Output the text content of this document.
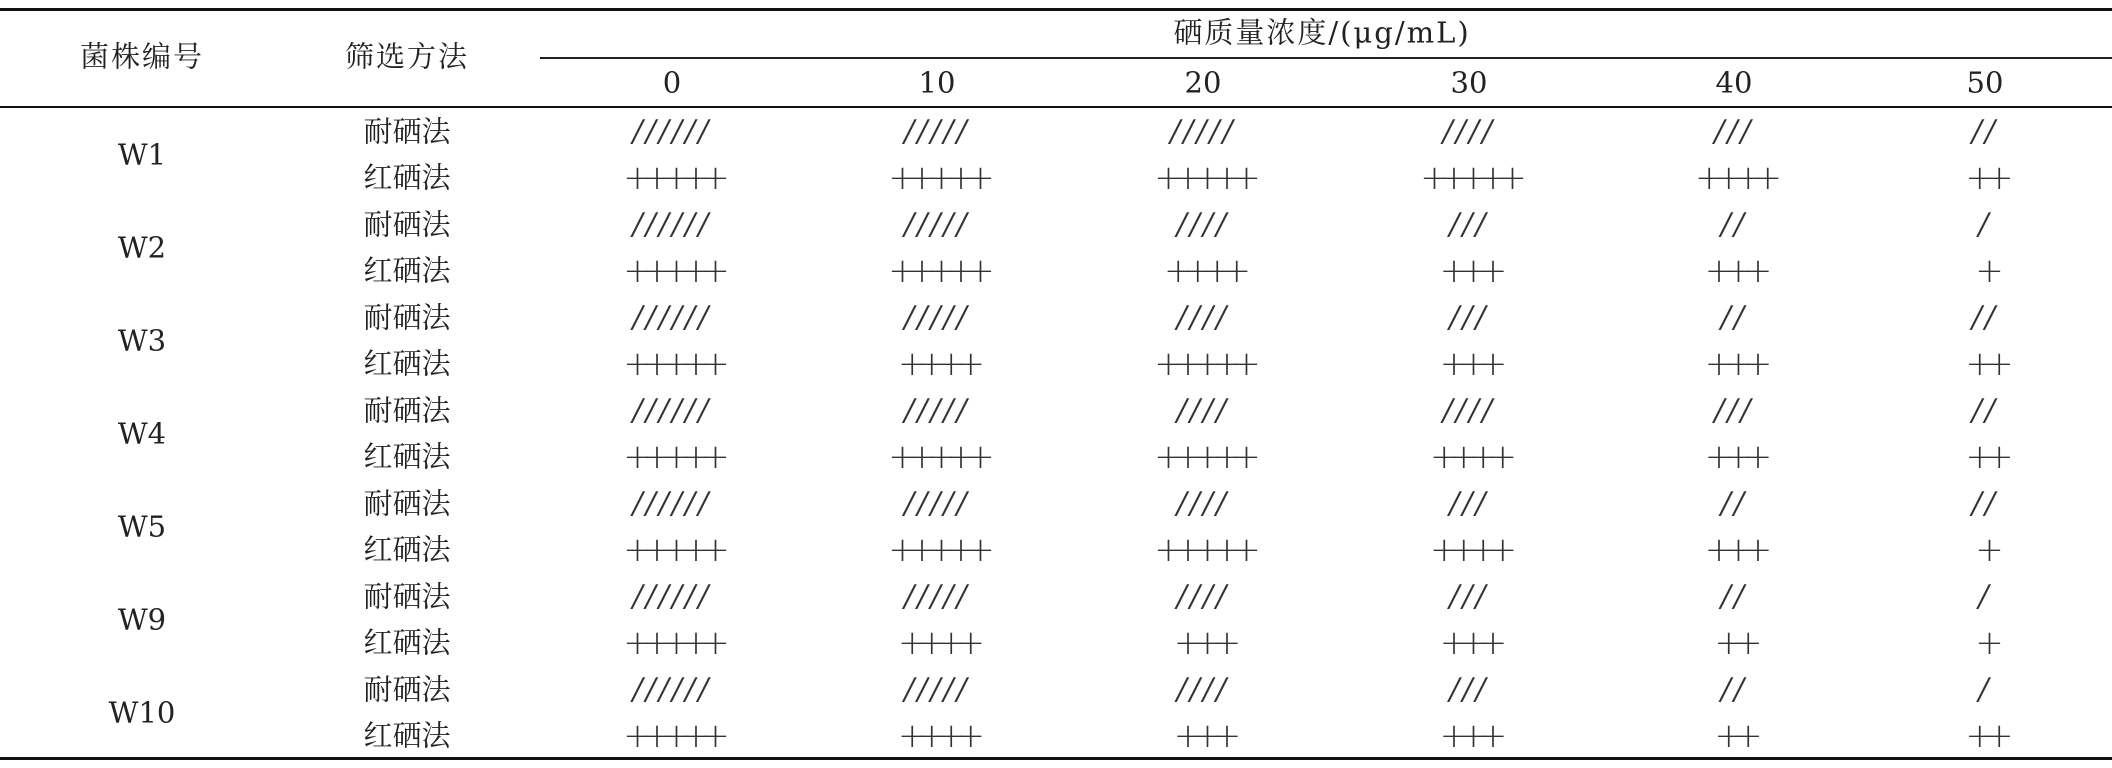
菌株编号	筛选方法
硒质量浓度/(μg/mL)
0	10	20	30	40	50
W1
耐硒法	//////	/////	/////	////	///	//
红硒法	+++++	+++++	+++++	+++++	++++	++
W2
耐硒法	//////	/////	////	///	//	/
红硒法	+++++	+++++	++++	+++	+++	+
W3
耐硒法	//////	/////	////	///	//	//
红硒法	+++++	++++	+++++	+++	+++	++
W4
耐硒法	//////	/////	////	////	///	//
红硒法	+++++	+++++	+++++	++++	+++	++
W5
耐硒法	//////	/////	////	///	//	//
红硒法	+++++	+++++	+++++	++++	+++	+
W9
耐硒法	//////	/////	////	///	//	/
红硒法	+++++	++++	+++	+++	++	+
W10
耐硒法	//////	/////	////	///	//	/
红硒法	+++++	++++	+++	+++	++	++
